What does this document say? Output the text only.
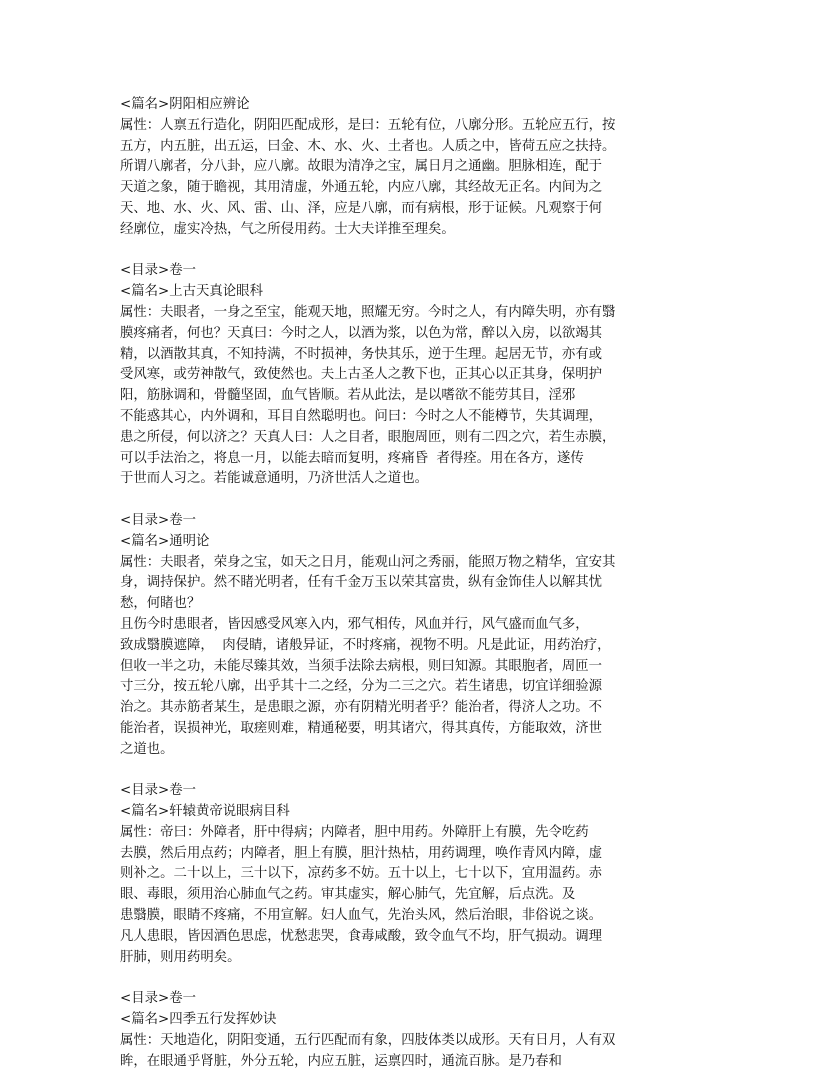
<篇名>阴阳相应辨论
属性：人禀五行造化，阴阳匹配成形，是曰：五轮有位，八廓分形。五轮应五行，按
五方，内五脏，出五运，曰金、木、水、火、土者也。人质之中，皆荷五应之扶持。
所谓八廓者，分八卦，应八廓。故眼为清净之宝，属日月之通幽。胆脉相连，配于
天道之象，随于瞻视，其用清虚，外通五轮，内应八廓，其经故无正名。内间为之
天、地、水、火、风、雷、山、泽，应是八廓，而有病根，形于证候。凡观察于何
经廓位，虚实冷热，气之所侵用药。士大夫详推至理矣。
<目录>卷一
<篇名>上古天真论眼科
属性：夫眼者，一身之至宝，能观天地，照耀无穷。今时之人，有内障失明，亦有翳
膜疼痛者，何也？天真曰：今时之人，以酒为浆，以色为常，醉以入房，以欲竭其
精，以酒散其真，不知持满，不时损神，务快其乐，逆于生理。起居无节，亦有或
受风寒，或劳神散气，致使然也。夫上古圣人之教下也，正其心以正其身，保明护
阳，筋脉调和，骨髓坚固，血气皆顺。若从此法，是以嗜欲不能劳其目，淫邪
不能惑其心，内外调和，耳目自然聪明也。问曰：今时之人不能樽节，失其调理，
患之所侵，何以济之？天真人曰：人之目者，眼胞周匝，则有二四之穴，若生赤膜，
可以手法治之，将息一月，以能去暗而复明，疼痛昏  者得痊。用在各方，遂传
于世而人习之。若能诚意通明，乃济世活人之道也。
<目录>卷一
<篇名>通明论
属性：夫眼者，荣身之宝，如天之日月，能观山河之秀丽，能照万物之精华，宜安其
身，调持保护。然不睹光明者，任有千金万玉以荣其富贵，纵有金饰佳人以解其忧
愁，何睹也？
且伤今时患眼者，皆因感受风寒入内，邪气相传，风血并行，风气盛而血气多，
致成翳膜遮障，  肉侵睛，诸般异证，不时疼痛，视物不明。凡是此证，用药治疗，
但收一半之功，未能尽臻其效，当须手法除去病根，则曰知源。其眼胞者，周匝一
寸三分，按五轮八廓，出乎其十二之经，分为二三之穴。若生诸患，切宜详细验源
治之。其赤筋者某生，是患眼之源，亦有阴精光明者乎？能治者，得济人之功。不
能治者，误损神光，取瘥则难，精通秘要，明其诸穴，得其真传，方能取效，济世
之道也。
<目录>卷一
<篇名>轩辕黄帝说眼病目科
属性：帝曰：外障者，肝中得病；内障者，胆中用药。外障肝上有膜，先令吃药
去膜，然后用点药；内障者，胆上有膜，胆汁热枯，用药调理，唤作青风内障，虚
则补之。二十以上，三十以下，凉药多不妨。五十以上，七十以下，宜用温药。赤
眼、毒眼，须用治心肺血气之药。审其虚实，解心肺气，先宜解，后点洗。及
患翳膜，眼睛不疼痛，不用宣解。妇人血气，先治头风，然后治眼，非俗说之谈。
凡人患眼，皆因酒色思虑，忧愁悲哭，食毒咸酸，致令血气不均，肝气损动。调理
肝肺，则用药明矣。
<目录>卷一
<篇名>四季五行发挥妙诀
属性：天地造化，阴阳变通，五行匹配而有象，四肢体类以成形。天有日月，人有双
眸，在眼通乎肾脏，外分五轮，内应五脏，运禀四时，通流百脉。是乃春和
